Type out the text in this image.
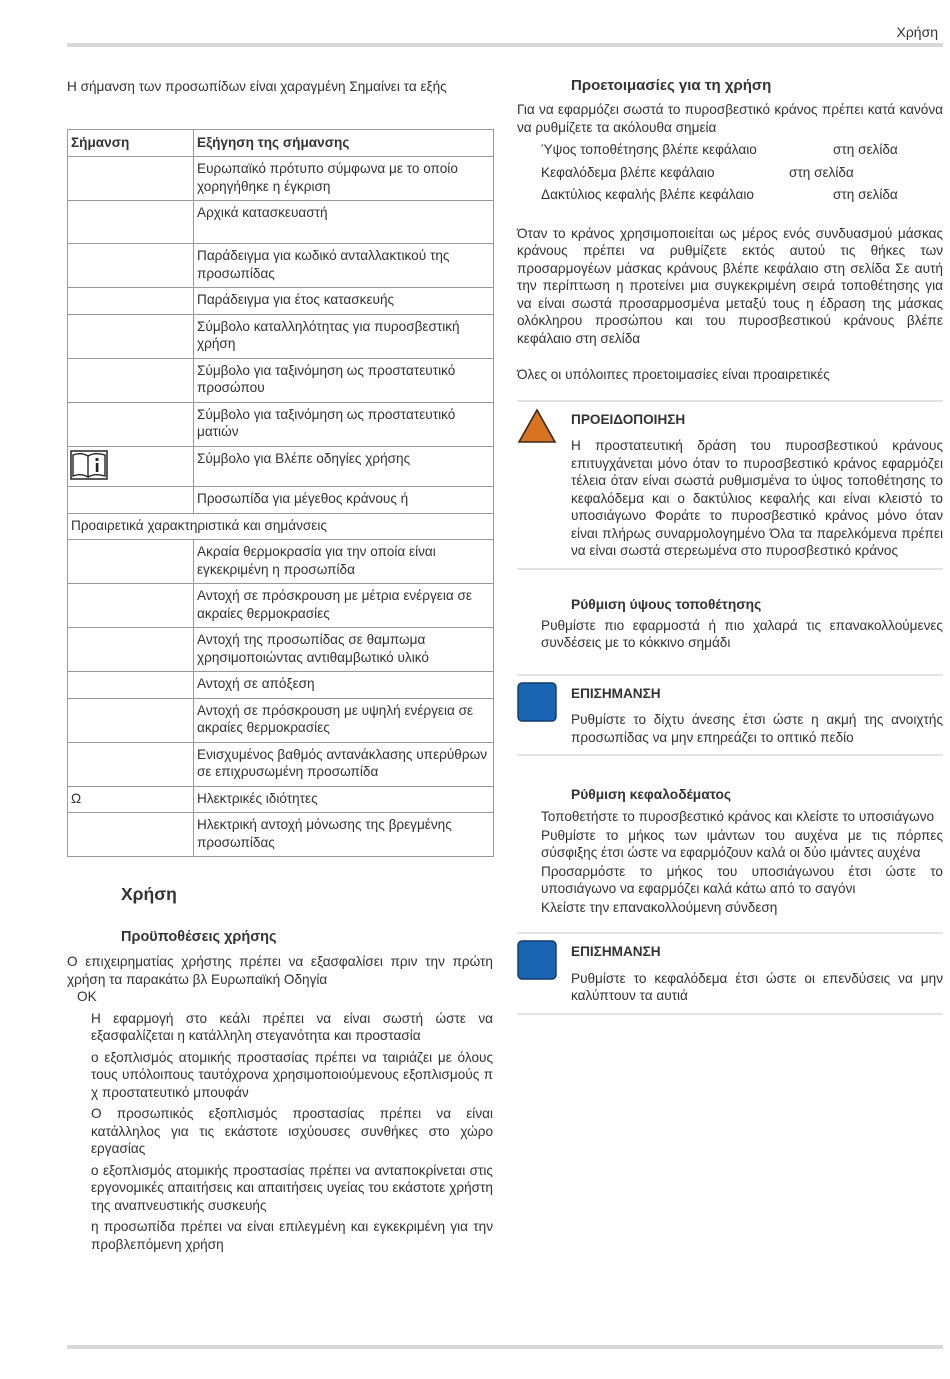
Χρήση

Η σήμανση των προσωπίδων είναι χαραγμένη Σημαίνει τα εξής

Σήμανση	Εξήγηση της σήμανσης
	Ευρωπαϊκό πρότυπο σύμφωνα με το οποίο χορηγήθηκε η έγκριση
	Αρχικά κατασκευαστή
	Παράδειγμα για κωδικό ανταλλακτικού της προσωπίδας
	Παράδειγμα για έτος κατασκευής
	Σύμβολο καταλληλότητας για πυροσβεστική χρήση
	Σύμβολο για ταξινόμηση ως προστατευτικό προσώπου
	Σύμβολο για ταξινόμηση ως προστατευτικό ματιών
	Σύμβολο για Βλέπε οδηγίες χρήσης
	Προσωπίδα για μέγεθος κράνους ή
Προαιρετικά χαρακτηριστικά και σημάνσεις	
	Ακραία θερμοκρασία για την οποία είναι εγκεκριμένη η προσωπίδα
	Αντοχή σε πρόσκρουση με μέτρια ενέργεια σε ακραίες θερμοκρασίες
	Αντοχή της προσωπίδας σε θαμπωμα χρησιμοποιώντας αντιθαμβωτικό υλικό
	Αντοχή σε απόξεση
	Αντοχή σε πρόσκρουση με υψηλή ενέργεια σε ακραίες θερμοκρασίες
	Ενισχυμένος βαθμός αντανάκλασης υπερύθρων σε επιχρυσωμένη προσωπίδα
Ω	Ηλεκτρικές ιδιότητες
	Ηλεκτρική αντοχή μόνωσης της βρεγμένης προσωπίδας
Χρήση
Προϋποθέσεις χρήσης

Ο επιχειρηματίας χρήστης πρέπει να εξασφαλίσει πριν την πρώτη χρήση τα παρακάτω βλ Ευρωπαϊκή Οδηγία

OK

Η εφαρμογή στο κεάλι πρέπει να είναι σωστή ώστε να εξασφαλίζεται η κατάλληλη στεγανότητα και προστασία

ο εξοπλισμός ατομικής προστασίας πρέπει να ταιριάζει με όλους τους υπόλοιπους ταυτόχρονα χρησιμοποιούμενους εξοπλισμούς π χ προστατευτικό μπουφάν

Ο προσωπικός εξοπλισμός προστασίας πρέπει να είναι κατάλληλος για τις εκάστοτε ισχύουσες συνθήκες στο χώρο εργασίας

ο εξοπλισμός ατομικής προστασίας πρέπει να ανταποκρίνεται στις εργονομικές απαιτήσεις και απαιτήσεις υγείας του εκάστοτε χρήστη της αναπνευστικής συσκευής

η προσωπίδα πρέπει να είναι επιλεγμένη και εγκεκριμένη για την προβλεπόμενη χρήση

Προετοιμασίες για τη χρήση

Για να εφαρμόζει σωστά το πυροσβεστικό κράνος πρέπει κατά κανόνα να ρυθμίζετε τα ακόλουθα σημεία

Ύψος τοποθέτησης βλέπε κεφάλαιο	στη σελίδα
Κεφαλόδεμα βλέπε κεφάλαιο	στη σελίδα
Δακτύλιος κεφαλής βλέπε κεφάλαιο	στη σελίδα

Όταν το κράνος χρησιμοποιείται ως μέρος ενός συνδυασμού μάσκας κράνους πρέπει να ρυθμίζετε εκτός αυτού τις θήκες των προσαρμογέων μάσκας κράνους βλέπε κεφάλαιο στη σελίδα Σε αυτή την περίπτωση η προτείνει μια συγκεκριμένη σειρά τοποθέτησης για να είναι σωστά προσαρμοσμένα μεταξύ τους η έδραση της μάσκας ολόκληρου προσώπου και του πυροσβεστικού κράνους βλέπε κεφάλαιο στη σελίδα

Όλες οι υπόλοιπες προετοιμασίες είναι προαιρετικές

ΠΡΟΕΙΔΟΠΟΙΗΣΗ

Η προστατευτική δράση του πυροσβεστικού κράνους επιτυγχάνεται μόνο όταν το πυροσβεστικό κράνος εφαρμόζει τέλεια όταν είναι σωστά ρυθμισμένα το ύψος τοποθέτησης το κεφαλόδεμα και ο δακτύλιος κεφαλής και είναι κλειστό το υποσιάγωνο Φοράτε το πυροσβεστικό κράνος μόνο όταν είναι πλήρως συναρμολογημένο Όλα τα παρελκόμενα πρέπει να είναι σωστά στερεωμένα στο πυροσβεστικό κράνος

Ρύθμιση ύψους τοποθέτησης

Ρυθμίστε πιο εφαρμοστά ή πιο χαλαρά τις επανακολλούμενες συνδέσεις με το κόκκινο σημάδι

ΕΠΙΣΗΜΑΝΣΗ

Ρυθμίστε το δίχτυ άνεσης έτσι ώστε η ακμή της ανοιχτής προσωπίδας να μην επηρεάζει το οπτικό πεδίο

Ρύθμιση κεφαλοδέματος

Τοποθετήστε το πυροσβεστικό κράνος και κλείστε το υποσιάγωνο

Ρυθμίστε το μήκος των ιμάντων του αυχένα με τις πόρπες σύσφιξης έτσι ώστε να εφαρμόζουν καλά οι δύο ιμάντες αυχένα

Προσαρμόστε το μήκος του υποσιάγωνου έτσι ώστε το υποσιάγωνο να εφαρμόζει καλά κάτω από το σαγόνι

Κλείστε την επανακολλούμενη σύνδεση

ΕΠΙΣΗΜΑΝΣΗ

Ρυθμίστε το κεφαλόδεμα έτσι ώστε οι επενδύσεις να μην καλύπτουν τα αυτιά
